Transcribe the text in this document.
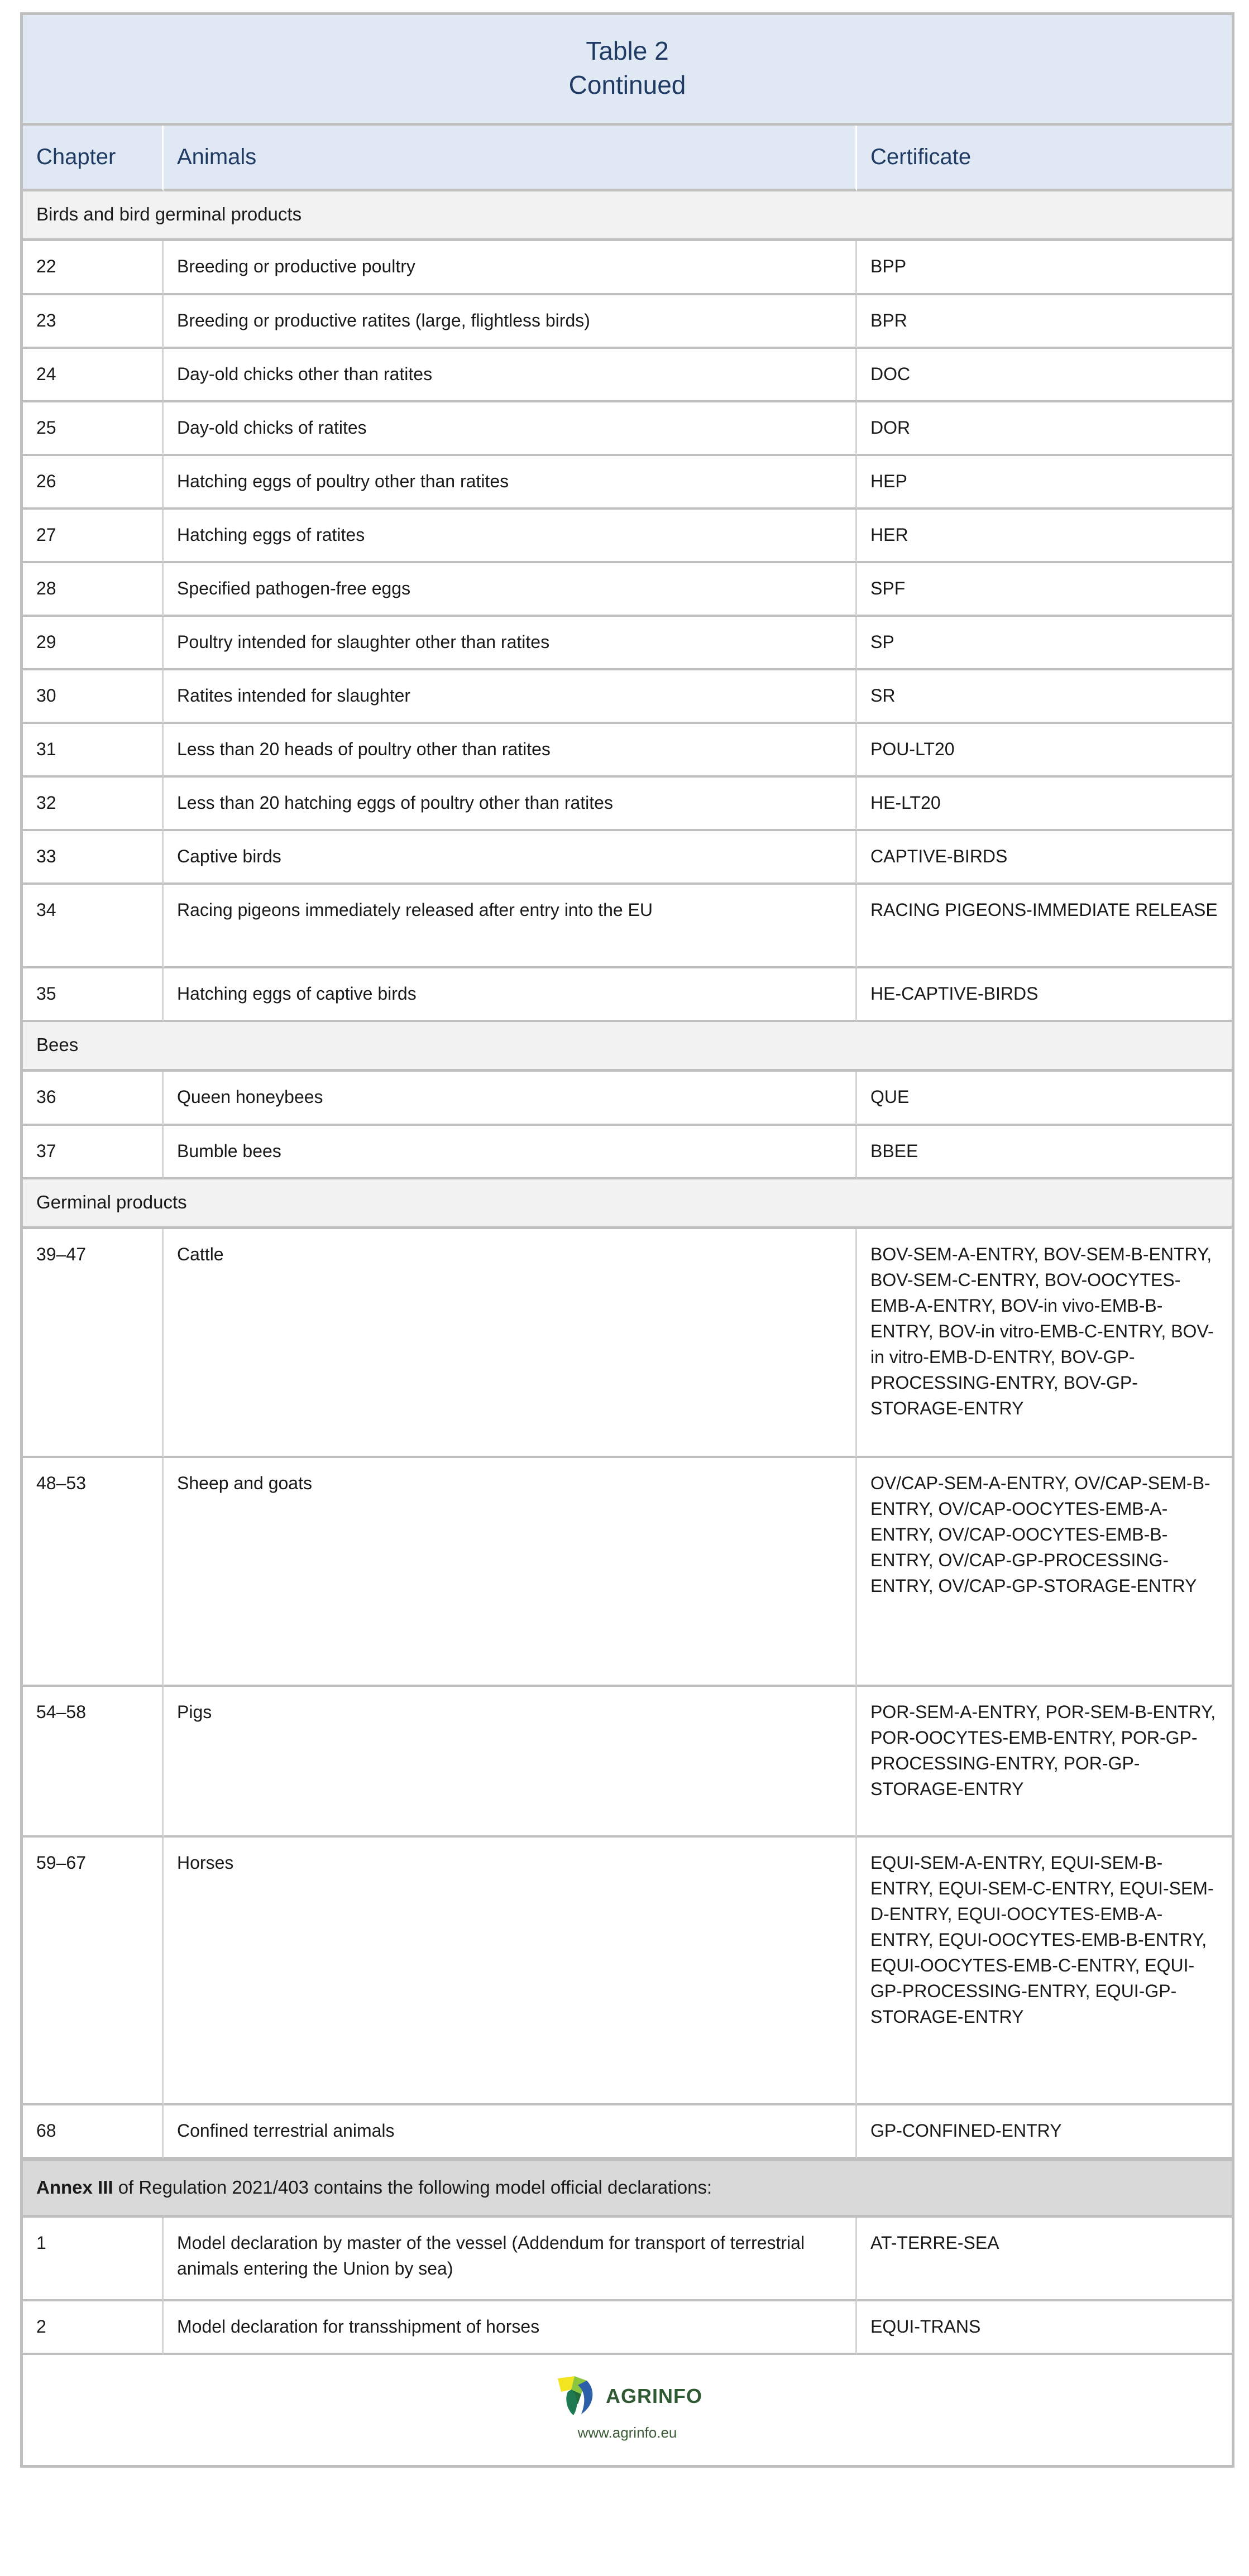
Table 2
Continued		

Chapter	Animals	Certificate
Birds and bird germinal products		
22	Breeding or productive poultry	BPP
23	Breeding or productive ratites (large, flightless birds)	BPR
24	Day-old chicks other than ratites	DOC
25	Day-old chicks of ratites	DOR
26	Hatching eggs of poultry other than ratites	HEP
27	Hatching eggs of ratites	HER
28	Specified pathogen-free eggs	SPF
29	Poultry intended for slaughter other than ratites	SP
30	Ratites intended for slaughter	SR
31	Less than 20 heads of poultry other than ratites	POU-LT20
32	Less than 20 hatching eggs of poultry other than ratites	HE-LT20
33	Captive birds	CAPTIVE-BIRDS
34	Racing pigeons immediately released after entry into the EU	RACING PIGEONS-IMMEDIATE RELEASE
35	Hatching eggs of captive birds	HE-CAPTIVE-BIRDS
Bees		
36	Queen honeybees	QUE
37	Bumble bees	BBEE
Germinal products		
39–47	Cattle	BOV-SEM-A-ENTRY, BOV-SEM-B-ENTRY, BOV-SEM-C-ENTRY, BOV-OOCYTES-EMB-A-ENTRY, BOV-in vivo-EMB-B-ENTRY, BOV-in vitro-EMB-C-ENTRY, BOV-in vitro-EMB-D-ENTRY, BOV-GP-PROCESSING-ENTRY, BOV-GP-STORAGE-ENTRY
48–53	Sheep and goats	OV/CAP-SEM-A-ENTRY, OV/CAP-SEM-B-ENTRY, OV/CAP-OOCYTES-EMB-A-ENTRY, OV/CAP-OOCYTES-EMB-B-ENTRY, OV/CAP-GP-PROCESSING-ENTRY, OV/CAP-GP-STORAGE-ENTRY
54–58	Pigs	POR-SEM-A-ENTRY, POR-SEM-B-ENTRY, POR-OOCYTES-EMB-ENTRY, POR-GP-PROCESSING-ENTRY, POR-GP-STORAGE-ENTRY
59–67	Horses	EQUI-SEM-A-ENTRY, EQUI-SEM-B-ENTRY, EQUI-SEM-C-ENTRY, EQUI-SEM-D-ENTRY, EQUI-OOCYTES-EMB-A-ENTRY, EQUI-OOCYTES-EMB-B-ENTRY, EQUI-OOCYTES-EMB-C-ENTRY, EQUI-GP-PROCESSING-ENTRY, EQUI-GP-STORAGE-ENTRY
68	Confined terrestrial animals	GP-CONFINED-ENTRY
Annex III of Regulation 2021/403 contains the following model official declarations:		
1	Model declaration by master of the vessel (Addendum for transport of terrestrial animals entering the Union by sea)	AT-TERRE-SEA
2	Model declaration for transshipment of horses	EQUI-TRANS

AGRINFO
www.agrinfo.eu		
